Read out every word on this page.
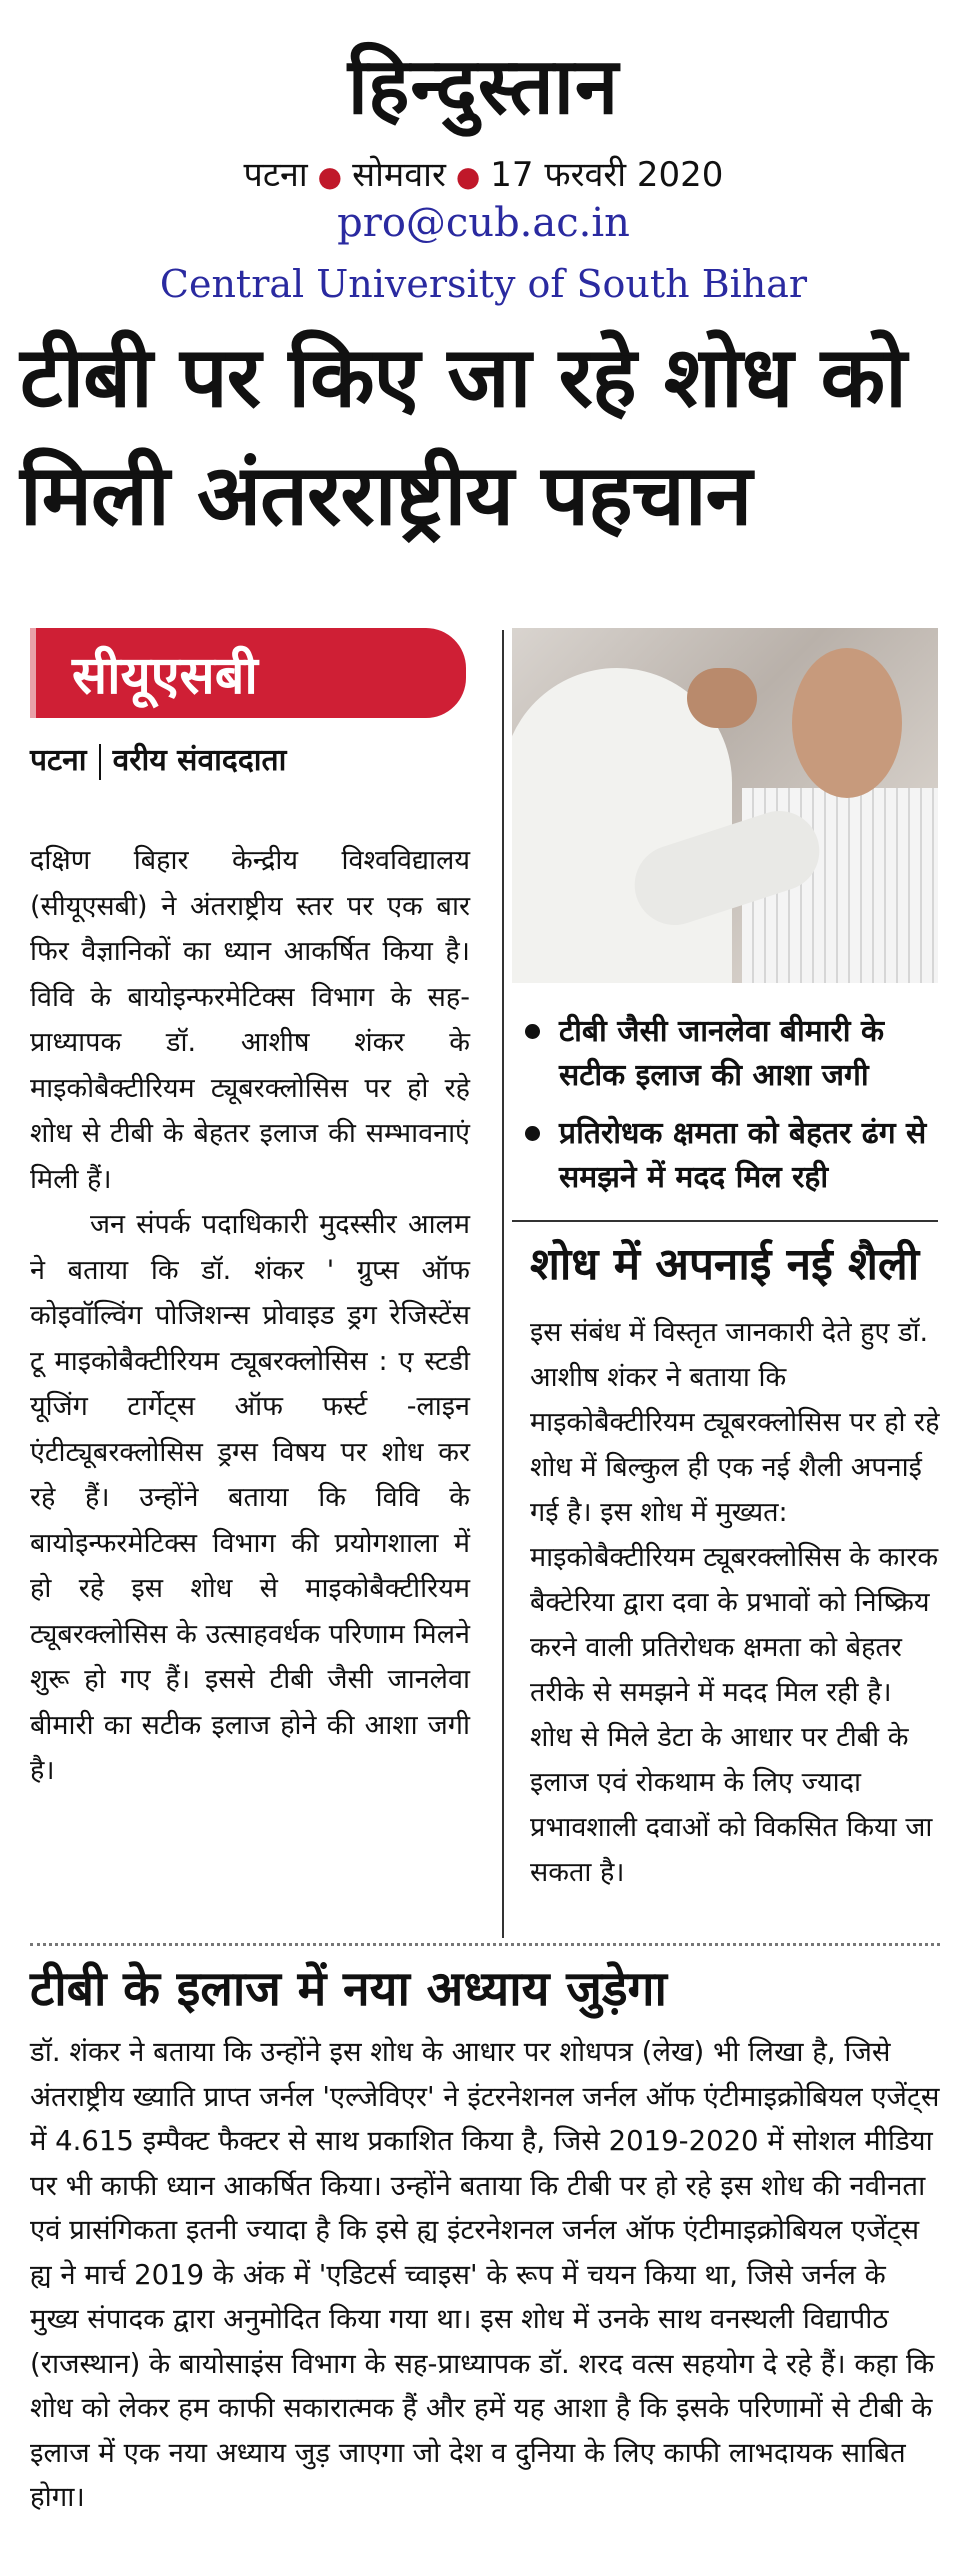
हिन्दुस्तान
पटना ● सोमवार ● 17 फरवरी 2020
pro@cub.ac.in
Central University of South Bihar
टीबी पर किए जा रहे शोध को
मिली अंतरराष्ट्रीय पहचान
सीयूएसबी
पटना वरीय संवाददाता

दक्षिण बिहार केन्द्रीय विश्वविद्यालय (सीयूएसबी) ने अंतराष्ट्रीय स्तर पर एक बार फिर वैज्ञानिकों का ध्यान आकर्षित किया है। विवि के बायोइन्फरमेटिक्स विभाग के सह-प्राध्यापक डॉ. आशीष शंकर के माइकोबैक्टीरियम ट्यूबरक्लोसिस पर हो रहे शोध से टीबी के बेहतर इलाज की सम्भावनाएं मिली हैं।

जन संपर्क पदाधिकारी मुदस्सीर आलम ने बताया कि डॉ. शंकर ' ग्रुप्स ऑफ कोइवॉल्विंग पोजिशन्स प्रोवाइड ड्रग रेजिस्टेंस टू माइकोबैक्टीरियम ट्यूबरक्लोसिस : ए स्टडी यूजिंग टार्गेट्स ऑफ फर्स्ट -लाइन एंटीट्यूबरक्लोसिस ड्रग्स विषय पर शोध कर रहे हैं। उन्होंने बताया कि विवि के बायोइन्फरमेटिक्स विभाग की प्रयोगशाला में हो रहे इस शोध से माइकोबैक्टीरियम ट्यूबरक्लोसिस के उत्साहवर्धक परिणाम मिलने शुरू हो गए हैं। इससे टीबी जैसी जानलेवा बीमारी का सटीक इलाज होने की आशा जगी है।

टीबी जैसी जानलेवा बीमारी के सटीक इलाज की आशा जगी
प्रतिरोधक क्षमता को बेहतर ढंग से समझने में मदद मिल रही
शोध में अपनाई नई शैली

इस संबंध में विस्तृत जानकारी देते हुए डॉ. आशीष शंकर ने बताया कि माइकोबैक्टीरियम ट्यूबरक्लोसिस पर हो रहे शोध में बिल्कुल ही एक नई शैली अपनाई गई है। इस शोध में मुख्यत: माइकोबैक्टीरियम ट्यूबरक्लोसिस के कारक बैक्टेरिया द्वारा दवा के प्रभावों को निष्क्रिय करने वाली प्रतिरोधक क्षमता को बेहतर तरीके से समझने में मदद मिल रही है। शोध से मिले डेटा के आधार पर टीबी के इलाज एवं रोकथाम के लिए ज्यादा प्रभावशाली दवाओं को विकसित किया जा सकता है।

टीबी के इलाज में नया अध्याय जुड़ेगा

डॉ. शंकर ने बताया कि उन्होंने इस शोध के आधार पर शोधपत्र (लेख) भी लिखा है, जिसे अंतराष्ट्रीय ख्याति प्राप्त जर्नल 'एल्जेविएर' ने इंटरनेशनल जर्नल ऑफ एंटीमाइक्रोबियल एजेंट्स में 4.615 इम्पैक्ट फैक्टर से साथ प्रकाशित किया है, जिसे 2019-2020 में सोशल मीडिया पर भी काफी ध्यान आकर्षित किया। उन्होंने बताया कि टीबी पर हो रहे इस शोध की नवीनता एवं प्रासंगिकता इतनी ज्यादा है कि इसे ह्य इंटरनेशनल जर्नल ऑफ एंटीमाइक्रोबियल एजेंट्स ह्य ने मार्च 2019 के अंक में 'एडिटर्स च्वाइस' के रूप में चयन किया था, जिसे जर्नल के मुख्य संपादक द्वारा अनुमोदित किया गया था। इस शोध में उनके साथ वनस्थली विद्यापीठ (राजस्थान) के बायोसाइंस विभाग के सह-प्राध्यापक डॉ. शरद वत्स सहयोग दे रहे हैं। कहा कि शोध को लेकर हम काफी सकारात्मक हैं और हमें यह आशा है कि इसके परिणामों से टीबी के इलाज में एक नया अध्याय जुड़ जाएगा जो देश व दुनिया के लिए काफी लाभदायक साबित होगा।
